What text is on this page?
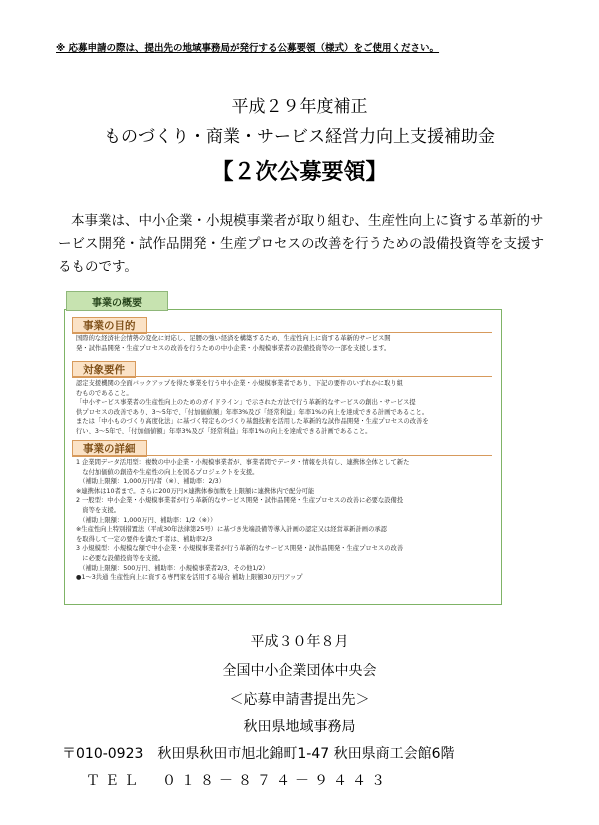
※ 応募申請の際は、提出先の地域事務局が発行する公募要領（様式）をご使用ください。
平成２９年度補正
ものづくり・商業・サービス経営力向上支援補助金
【２次公募要領】

本事業は、中小企業・小規模事業者が取り組む、生産性向上に資する革新的サービス開発・試作品開発・生産プロセスの改善を行うための設備投資等を支援するものです。

事業の概要
事業の目的
国際的な経済社会情勢の変化に対応し、足腰の強い経済を構築するため、生産性向上に資する革新的サービス開
発・試作品開発・生産プロセスの改善を行うための中小企業・小規模事業者の設備投資等の一部を支援します。
対象要件
認定支援機関の全面バックアップを得た事業を行う中小企業・小規模事業者であり、下記の要件のいずれかに取り組
むものであること。
「中小サービス事業者の生産性向上のためのガイドライン」で示された方法で行う革新的なサービスの創出・サービス提
供プロセスの改善であり、3～5年で、「付加価値額」年率3%及び「経常利益」年率1%の向上を達成できる計画であること。
または「中小ものづくり高度化法」に基づく特定ものづくり基盤技術を活用した革新的な試作品開発・生産プロセスの改善を
行い、3～5年で、「付加価値額」年率3%及び「経常利益」年率1%の向上を達成できる計画であること。
事業の詳細
1 企業間データ活用型：複数の中小企業・小規模事業者が、事業者間でデータ・情報を共有し、連携体全体として新た
　な付加価値の創造や生産性の向上を図るプロジェクトを支援。
　（補助上限額：1,000万円/者（※）、補助率：2/3）
※連携体は10者まで。さらに200万円×連携体参加数を上限額に連携体内で配分可能
2 一般型：中小企業・小規模事業者が行う革新的なサービス開発・試作品開発・生産プロセスの改善に必要な設備投
　資等を支援。
　（補助上限額：1,000万円、補助率：1/2（※））
※生産性向上特別措置法（平成30年法律第25号）に基づき先端設備等導入計画の認定又は経営革新計画の承認
を取得して一定の要件を満たす者は、補助率2/3
3 小規模型：小規模な額で中小企業・小規模事業者が行う革新的なサービス開発・試作品開発・生産プロセスの改善
　に必要な設備投資等を支援。
　（補助上限額：500万円、補助率：小規模事業者2/3、その他1/2）
●1～3共通 生産性向上に資する専門家を活用する場合 補助上限額30万円アップ
平成３０年８月
全国中小企業団体中央会
＜応募申請書提出先＞
秋田県地域事務局
〒010-0923　秋田県秋田市旭北錦町1-47 秋田県商工会館6階
ＴＥＬ　０１８－８７４－９４４３
